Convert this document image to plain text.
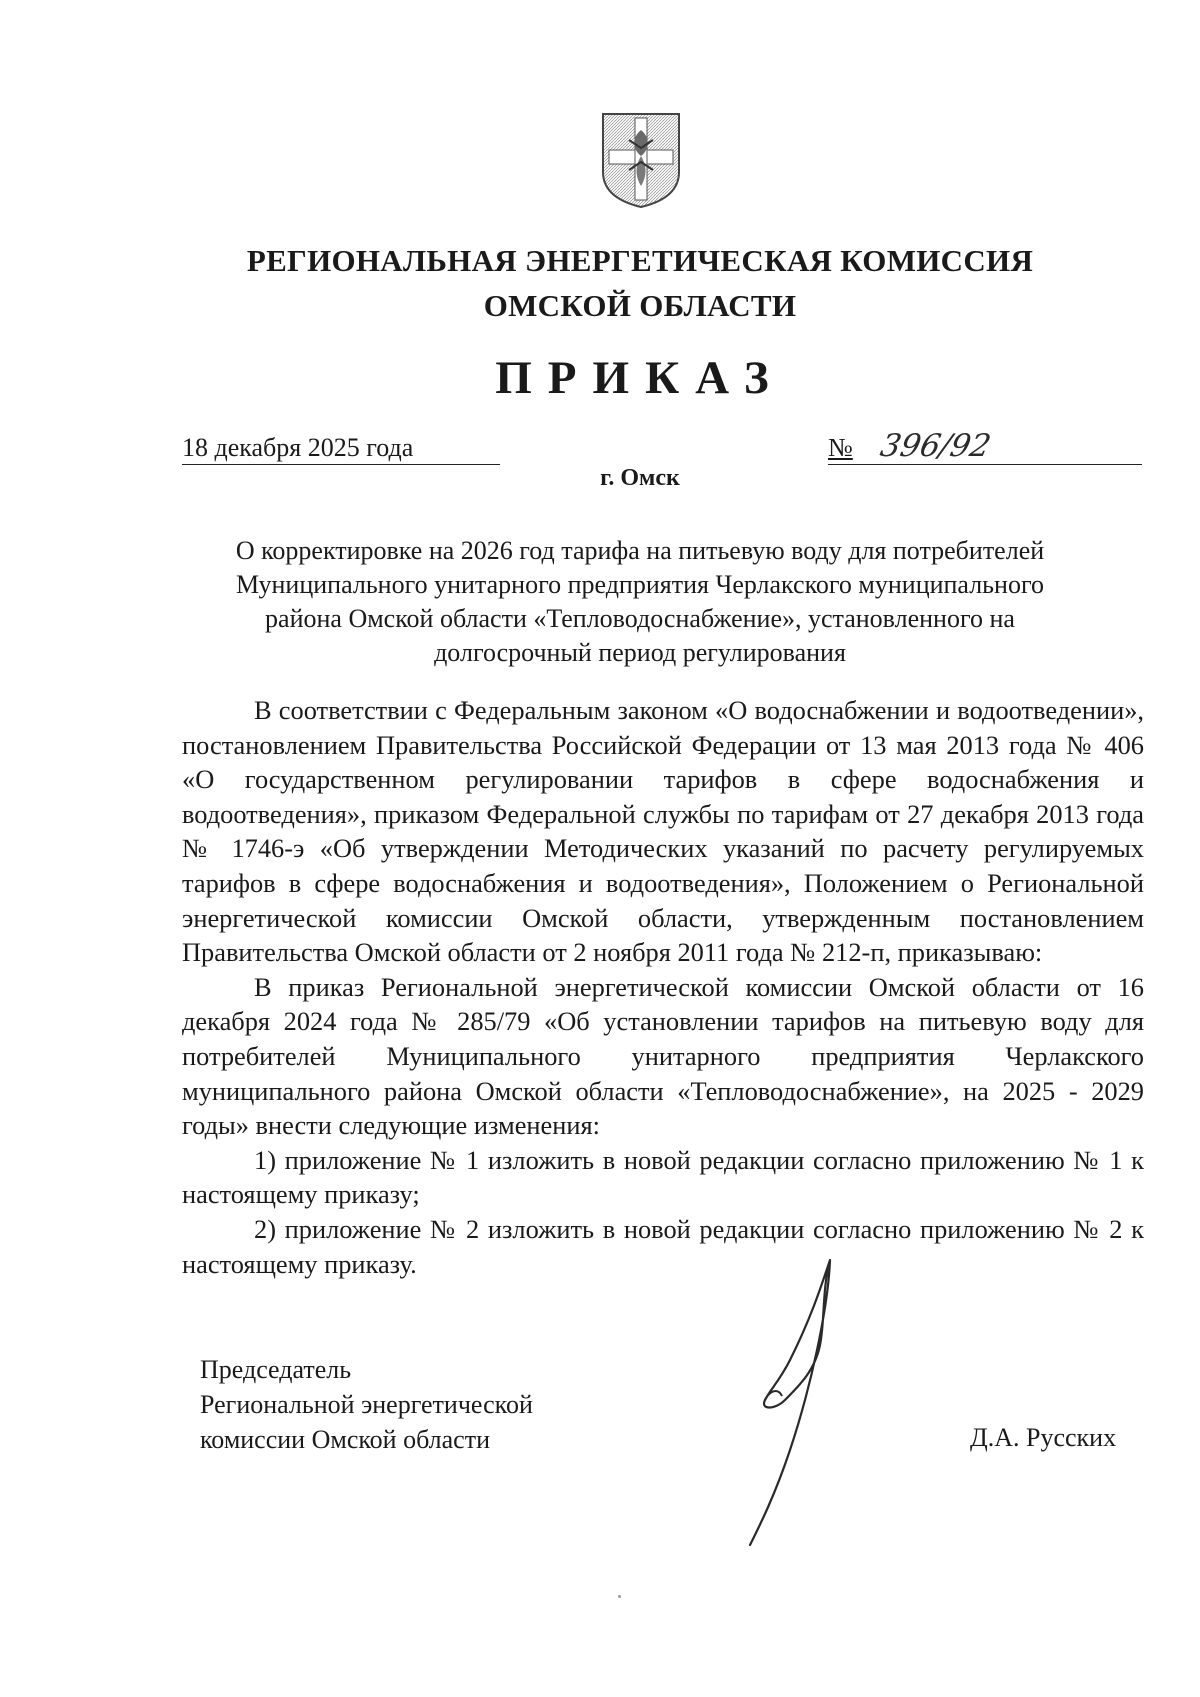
РЕГИОНАЛЬНАЯ ЭНЕРГЕТИЧЕСКАЯ КОМИССИЯ
ОМСКОЙ ОБЛАСТИ
ПРИКАЗ
18 декабря 2025 года	№ 396/92
г. Омск
О корректировке на 2026 год тарифа на питьевую воду для потребителей Муниципального унитарного предприятия Черлакского муниципального района Омской области «Тепловодоснабжение», установленного на долгосрочный период регулирования

В соответствии с Федеральным законом «О водоснабжении и водоотведении», постановлением Правительства Российской Федерации от 13 мая 2013 года № 406 «О государственном регулировании тарифов в сфере водоснабжения и водоотведения», приказом Федеральной службы по тарифам от 27 декабря 2013 года № 1746-э «Об утверждении Методических указаний по расчету регулируемых тарифов в сфере водоснабжения и водоотведения», Положением о Региональной энергетической комиссии Омской области, утвержденным постановлением Правительства Омской области от 2 ноября 2011 года № 212-п, приказываю:

В приказ Региональной энергетической комиссии Омской области от 16 декабря 2024 года № 285/79 «Об установлении тарифов на питьевую воду для потребителей Муниципального унитарного предприятия Черлакского муниципального района Омской области «Тепловодоснабжение», на 2025 - 2029 годы» внести следующие изменения:

1) приложение № 1 изложить в новой редакции согласно приложению № 1 к настоящему приказу;

2) приложение № 2 изложить в новой редакции согласно приложению № 2 к настоящему приказу.

Председатель
Региональной энергетической
комиссии Омской области	Д.А. Русских
